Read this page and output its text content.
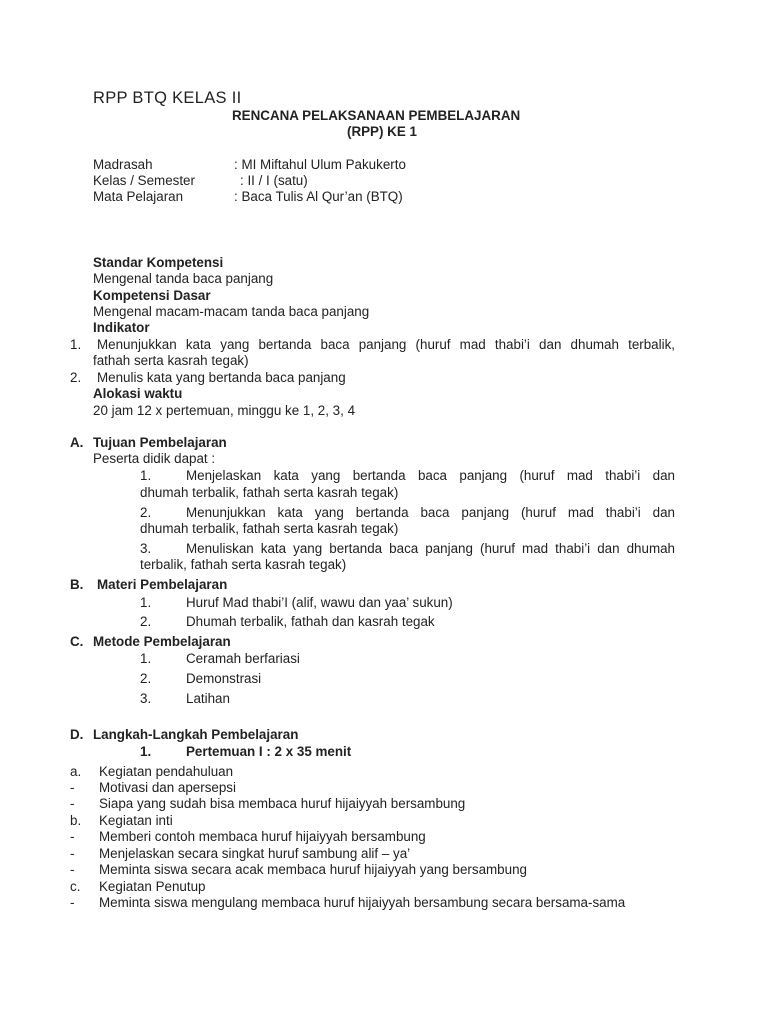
RPP BTQ KELAS II
RENCANA PELAKSANAAN PEMBELAJARAN
(RPP) KE 1
Madrasah	: MI Miftahul Ulum Pakukerto
Kelas / Semester	: II / I (satu)
Mata Pelajaran	: Baca Tulis Al Qur’an (BTQ)
Standar Kompetensi
Mengenal tanda baca panjang
Kompetensi Dasar
Mengenal macam-macam tanda baca panjang
Indikator
1. Menunjukkan kata yang bertanda baca panjang (huruf mad thabi’i dan dhumah terbalik,
fathah serta kasrah tegak)
2. Menulis kata yang bertanda baca panjang
Alokasi waktu
20 jam 12 x pertemuan, minggu ke 1, 2, 3, 4
A. Tujuan Pembelajaran
Peserta didik dapat :
1.	Menjelaskan kata yang bertanda baca panjang (huruf mad thabi’i dan
dhumah terbalik, fathah serta kasrah tegak)
2.	Menunjukkan kata yang bertanda baca panjang (huruf mad thabi’i dan
dhumah terbalik, fathah serta kasrah tegak)
3.	Menuliskan kata yang bertanda baca panjang (huruf mad thabi’i dan dhumah
terbalik, fathah serta kasrah tegak)
B. Materi Pembelajaran
1.	Huruf Mad thabi’I (alif, wawu dan yaa’ sukun)
2.	Dhumah terbalik, fathah dan kasrah tegak
C. Metode Pembelajaran
1.	Ceramah berfariasi
2.	Demonstrasi
3.	Latihan
D. Langkah-Langkah Pembelajaran
1.	Pertemuan I : 2 x 35 menit
a. Kegiatan pendahuluan
- Motivasi dan apersepsi
- Siapa yang sudah bisa membaca huruf hijaiyyah bersambung
b. Kegiatan inti
- Memberi contoh membaca huruf hijaiyyah bersambung
- Menjelaskan secara singkat huruf sambung alif – ya’
- Meminta siswa secara acak membaca huruf hijaiyyah yang bersambung
c. Kegiatan Penutup
- Meminta siswa mengulang membaca huruf hijaiyyah bersambung secara bersama-sama
